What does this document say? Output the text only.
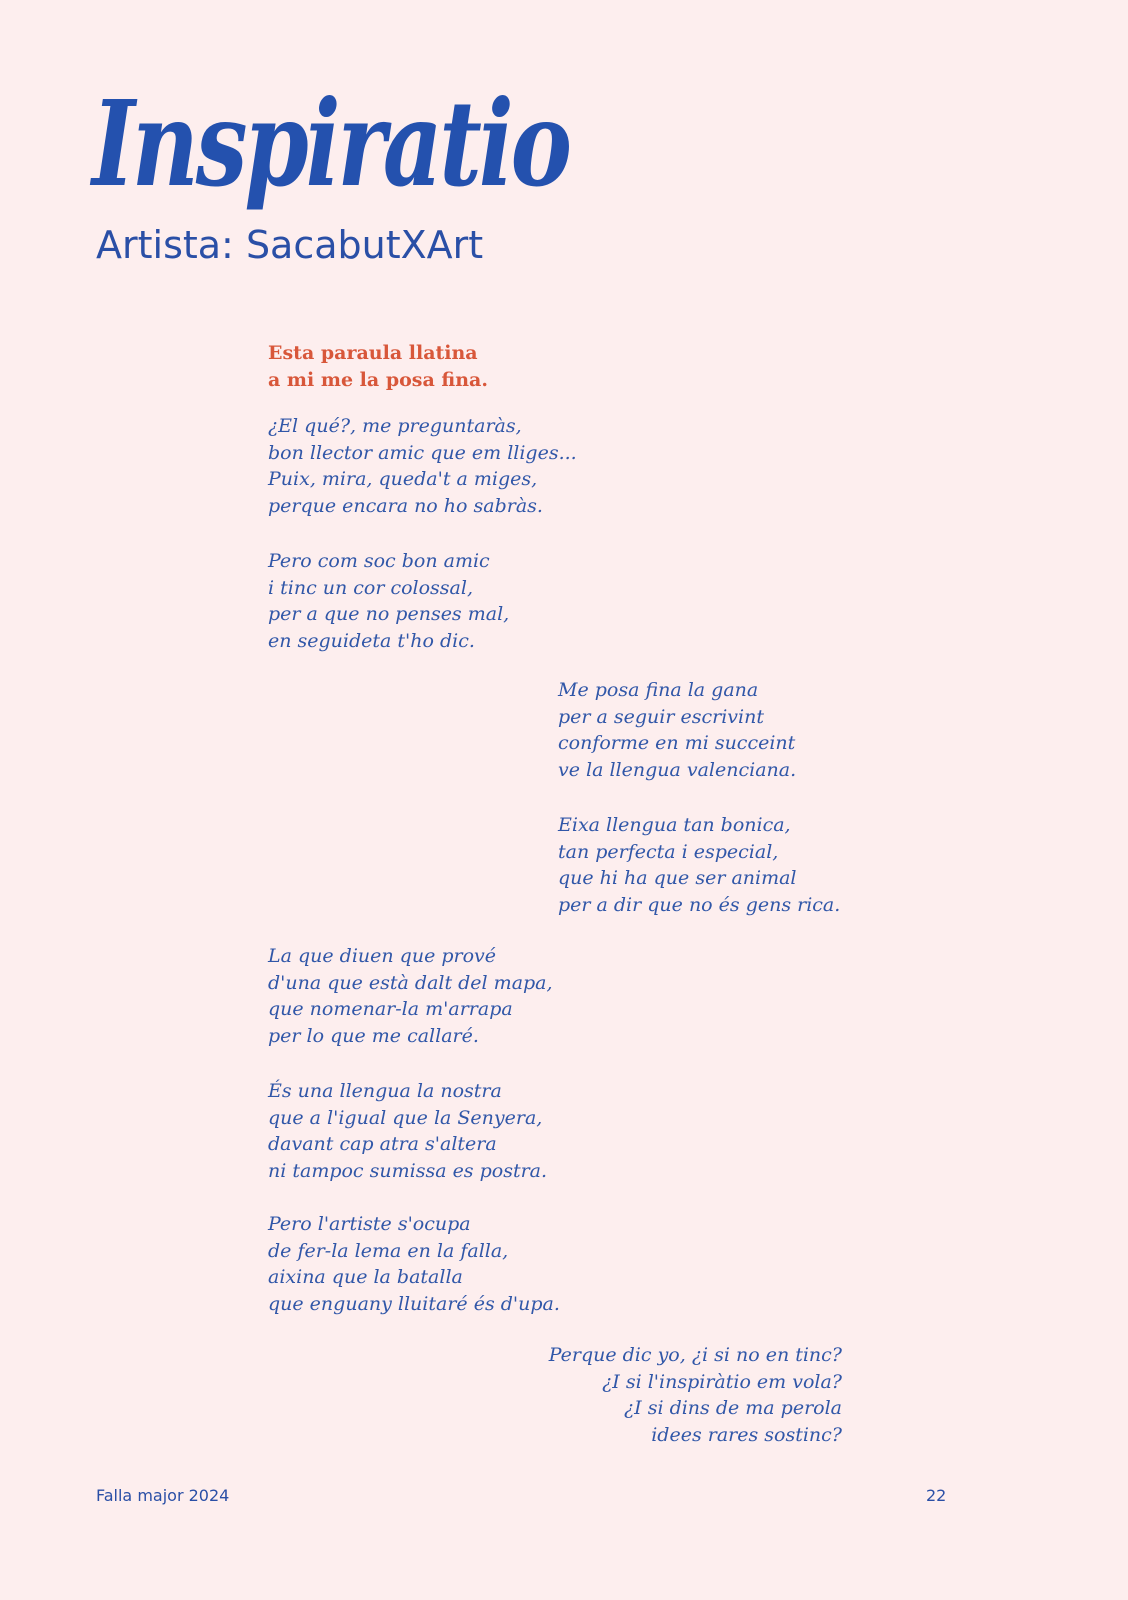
Inspiratio
Artista: SacabutXArt

Esta paraula llatina
a mi me la posa fina.

¿El qué?, me preguntaràs,
bon llector amic que em lliges...
Puix, mira, queda't a miges,
perque encara no ho sabràs.

Pero com soc bon amic
i tinc un cor colossal,
per a que no penses mal,
en seguideta t'ho dic.

Me posa fina la gana
per a seguir escrivint
conforme en mi succeint
ve la llengua valenciana.

Eixa llengua tan bonica,
tan perfecta i especial,
que hi ha que ser animal
per a dir que no és gens rica.

La que diuen que prové
d'una que està dalt del mapa,
que nomenar-la m'arrapa
per lo que me callaré.

És una llengua la nostra
que a l'igual que la Senyera,
davant cap atra s'altera
ni tampoc sumissa es postra.

Pero l'artiste s'ocupa
de fer-la lema en la falla,
aixina que la batalla
que enguany lluitaré és d'upa.

Perque dic yo, ¿i si no en tinc?
¿I si l'inspiràtio em vola?
¿I si dins de ma perola
idees rares sostinc?

Falla major 2024	22
